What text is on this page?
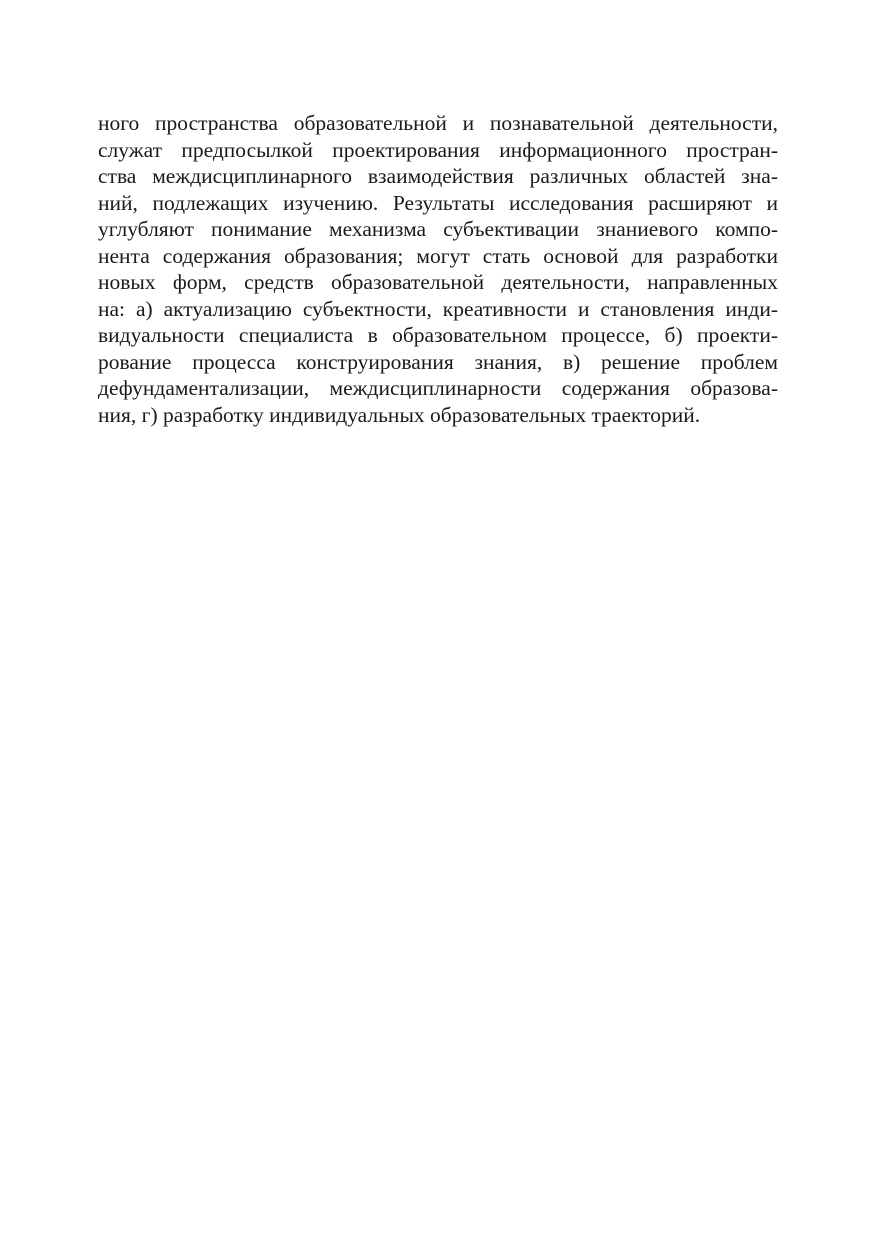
ного пространства образовательной и познавательной деятельности,
служат предпосылкой проектирования информационного простран-
ства междисциплинарного взаимодействия различных областей зна-
ний, подлежащих изучению. Результаты исследования расширяют и
углубляют понимание механизма субъективации знаниевого компо-
нента содержания образования; могут стать основой для разработки
новых форм, средств образовательной деятельности, направленных
на: а) актуализацию субъектности, креативности и становления инди-
видуальности специалиста в образовательном процессе, б) проекти-
рование процесса конструирования знания, в) решение проблем
дефундаментализации, междисциплинарности содержания образова-
ния, г) разработку индивидуальных образовательных траекторий.
